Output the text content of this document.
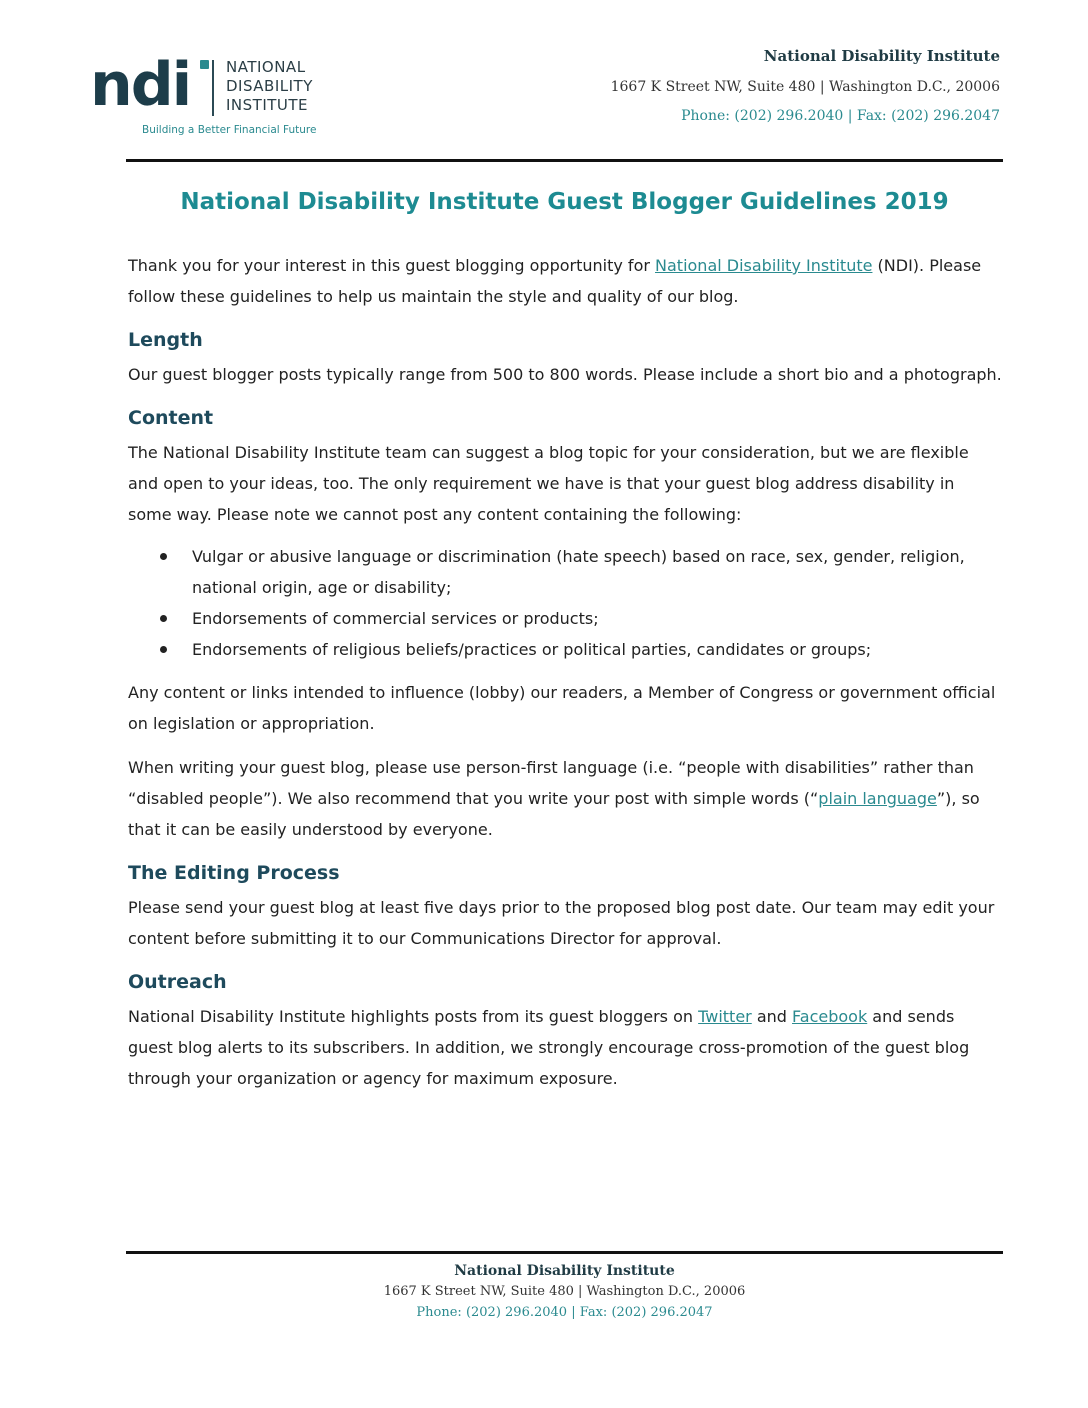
ndi NATIONAL
DISABILITY
INSTITUTE
Building a Better Financial Future
National Disability Institute
1667 K Street NW, Suite 480 | Washington D.C., 20006
Phone: (202) 296.2040 | Fax: (202) 296.2047
National Disability Institute Guest Blogger Guidelines 2019

Thank you for your interest in this guest blogging opportunity for National Disability Institute (NDI). Please follow these guidelines to help us maintain the style and quality of our blog.

Length

Our guest blogger posts typically range from 500 to 800 words. Please include a short bio and a photograph.

Content

The National Disability Institute team can suggest a blog topic for your consideration, but we are flexible and open to your ideas, too. The only requirement we have is that your guest blog address disability in some way. Please note we cannot post any content containing the following:

Vulgar or abusive language or discrimination (hate speech) based on race, sex, gender, religion, national origin, age or disability;
Endorsements of commercial services or products;
Endorsements of religious beliefs/practices or political parties, candidates or groups;

Any content or links intended to influence (lobby) our readers, a Member of Congress or government official on legislation or appropriation.

When writing your guest blog, please use person-first language (i.e. “people with disabilities” rather than “disabled people”). We also recommend that you write your post with simple words (“plain language”), so that it can be easily understood by everyone.

The Editing Process

Please send your guest blog at least five days prior to the proposed blog post date. Our team may edit your content before submitting it to our Communications Director for approval.

Outreach

National Disability Institute highlights posts from its guest bloggers on Twitter and Facebook and sends guest blog alerts to its subscribers. In addition, we strongly encourage cross-promotion of the guest blog through your organization or agency for maximum exposure.

National Disability Institute
1667 K Street NW, Suite 480 | Washington D.C., 20006
Phone: (202) 296.2040 | Fax: (202) 296.2047
